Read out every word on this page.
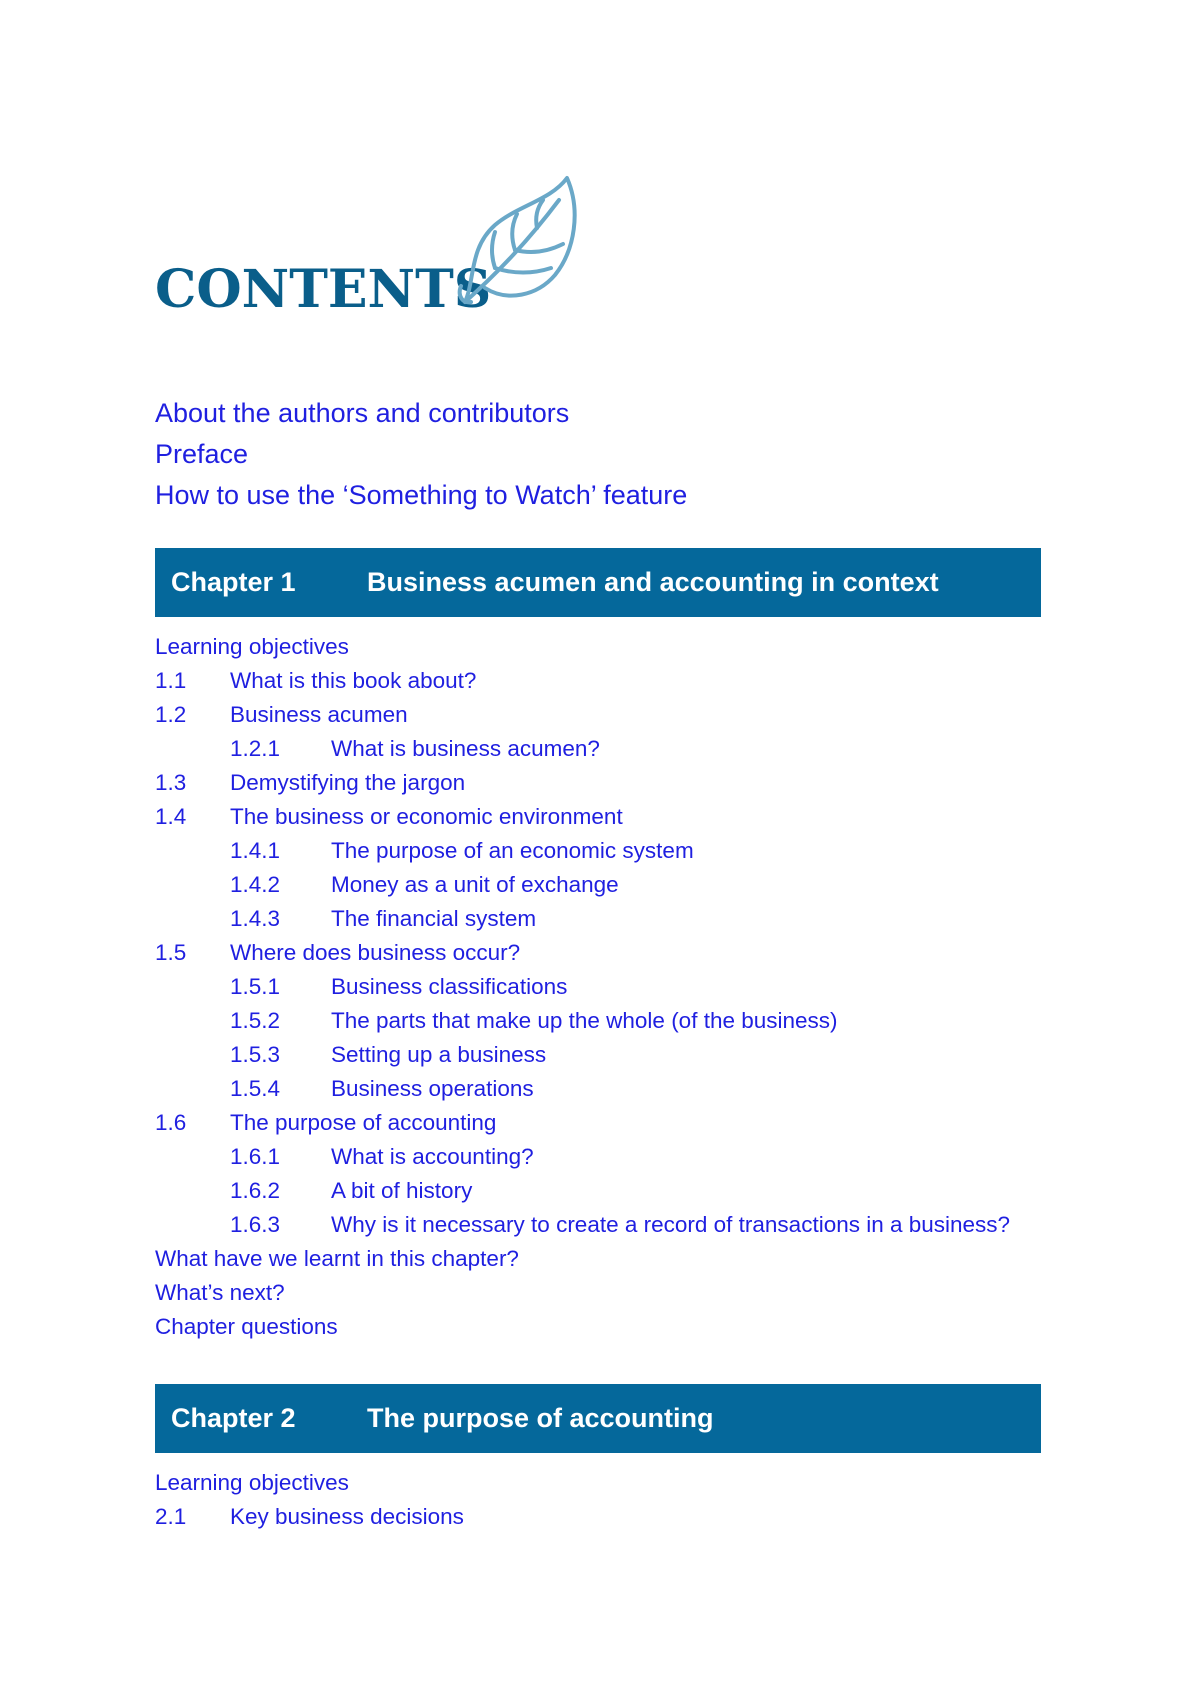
CONTENTS
About the authors and contributors
Preface
How to use the ‘Something to Watch’ feature
Chapter 1	Business acumen and accounting in context
Learning objectives
1.1 What is this book about?
1.2 Business acumen
1.2.1 What is business acumen?
1.3 Demystifying the jargon
1.4 The business or economic environment
1.4.1 The purpose of an economic system
1.4.2 Money as a unit of exchange
1.4.3 The financial system
1.5 Where does business occur?
1.5.1 Business classifications
1.5.2 The parts that make up the whole (of the business)
1.5.3 Setting up a business
1.5.4 Business operations
1.6 The purpose of accounting
1.6.1 What is accounting?
1.6.2 A bit of history
1.6.3 Why is it necessary to create a record of transactions in a business?
What have we learnt in this chapter?
What’s next?
Chapter questions
Chapter 2	The purpose of accounting
Learning objectives
2.1 Key business decisions
